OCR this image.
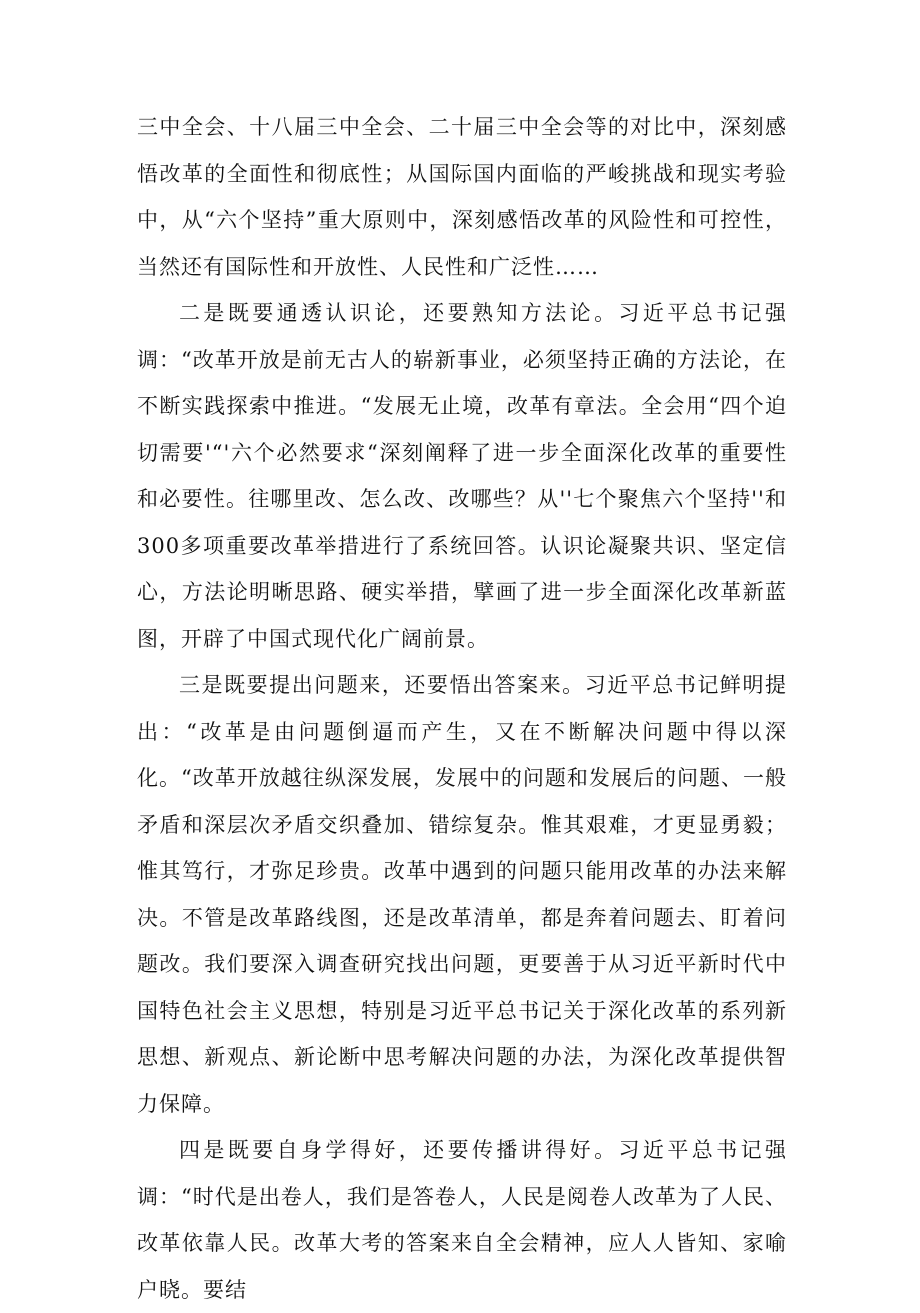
三中全会、十八届三中全会、二十届三中全会等的对比中，深刻感悟改革的全面性和彻底性；从国际国内面临的严峻挑战和现实考验中，从“六个坚持”重大原则中，深刻感悟改革的风险性和可控性，当然还有国际性和开放性、人民性和广泛性……

二是既要通透认识论，还要熟知方法论。习近平总书记强调：“改革开放是前无古人的崭新事业，必须坚持正确的方法论，在不断实践探索中推进。“发展无止境，改革有章法。全会用“四个迫切需要'“'六个必然要求“深刻阐释了进一步全面深化改革的重要性和必要性。往哪里改、怎么改、改哪些？从''七个聚焦六个坚持''和300多项重要改革举措进行了系统回答。认识论凝聚共识、坚定信心，方法论明晰思路、硬实举措，擘画了进一步全面深化改革新蓝图，开辟了中国式现代化广阔前景。

三是既要提出问题来，还要悟出答案来。习近平总书记鲜明提出：“改革是由问题倒逼而产生，又在不断解决问题中得以深化。“改革开放越往纵深发展，发展中的问题和发展后的问题、一般矛盾和深层次矛盾交织叠加、错综复杂。惟其艰难，才更显勇毅；惟其笃行，才弥足珍贵。改革中遇到的问题只能用改革的办法来解决。不管是改革路线图，还是改革清单，都是奔着问题去、盯着问题改。我们要深入调查研究找出问题，更要善于从习近平新时代中国特色社会主义思想，特别是习近平总书记关于深化改革的系列新思想、新观点、新论断中思考解决问题的办法，为深化改革提供智力保障。

四是既要自身学得好，还要传播讲得好。习近平总书记强调：“时代是出卷人，我们是答卷人，人民是阅卷人改革为了人民、改革依靠人民。改革大考的答案来自全会精神，应人人皆知、家喻户晓。要结
